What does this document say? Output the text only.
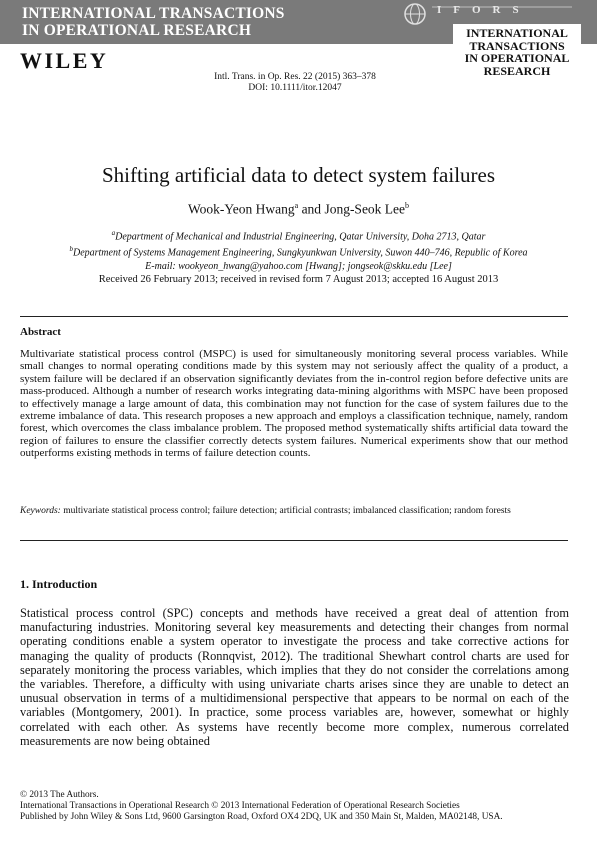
INTERNATIONAL TRANSACTIONS
IN OPERATIONAL RESEARCH
WILEY
IFORS
INTERNATIONAL
TRANSACTIONS
IN OPERATIONAL
RESEARCH
Intl. Trans. in Op. Res. 22 (2015) 363–378
DOI: 10.1111/itor.12047
Shifting artificial data to detect system failures
Wook-Yeon Hwang$^a$ and Jong-Seok Lee$^b$
$^a$Department of Mechanical and Industrial Engineering, Qatar University, Doha 2713, Qatar
$^b$Department of Systems Management Engineering, Sungkyunkwan University, Suwon 440–746, Republic of Korea
E-mail: wookyeon_hwang@yahoo.com [Hwang]; jongseok@skku.edu [Lee]
Received 26 February 2013; received in revised form 7 August 2013; accepted 16 August 2013
Abstract
Multivariate statistical process control (MSPC) is used for simultaneously monitoring several process variables. While small changes to normal operating conditions made by this system may not seriously affect the quality of a product, a system failure will be declared if an observation significantly deviates from the in-control region before defective units are mass-produced. Although a number of research works integrating data-mining algorithms with MSPC have been proposed to effectively manage a large amount of data, this combination may not function for the case of system failures due to the extreme imbalance of data. This research proposes a new approach and employs a classification technique, namely, random forest, which overcomes the class imbalance problem. The proposed method systematically shifts artificial data toward the region of failures to ensure the classifier correctly detects system failures. Numerical experiments show that our method outperforms existing methods in terms of failure detection counts.
Keywords: multivariate statistical process control; failure detection; artificial contrasts; imbalanced classification; random forests
1. Introduction
Statistical process control (SPC) concepts and methods have received a great deal of attention from manufacturing industries. Monitoring several key measurements and detecting their changes from normal operating conditions enable a system operator to investigate the process and take corrective actions for managing the quality of products (Ronnqvist, 2012). The traditional Shewhart control charts are used for separately monitoring the process variables, which implies that they do not consider the correlations among the variables. Therefore, a difficulty with using univariate charts arises since they are unable to detect an unusual observation in terms of a multidimensional perspective that appears to be normal on each of the variables (Montgomery, 2001). In practice, some process variables are, however, somewhat or highly correlated with each other. As systems have recently become more complex, numerous correlated measurements are now being obtained
© 2013 The Authors.
International Transactions in Operational Research © 2013 International Federation of Operational Research Societies
Published by John Wiley & Sons Ltd, 9600 Garsington Road, Oxford OX4 2DQ, UK and 350 Main St, Malden, MA02148, USA.
